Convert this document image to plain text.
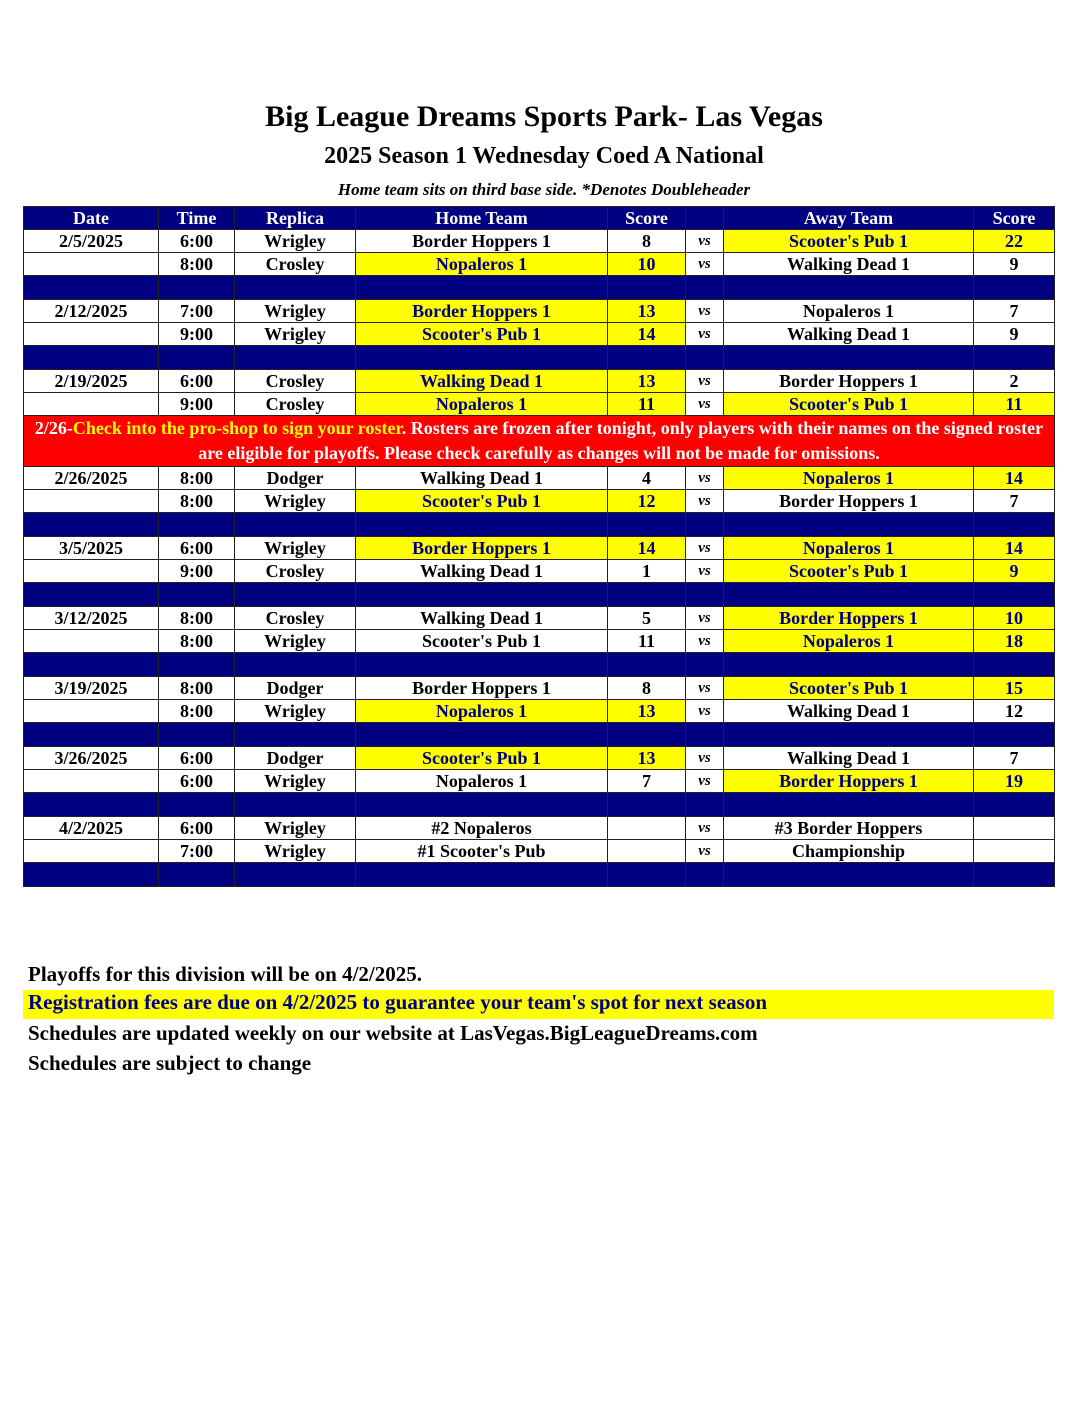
Big League Dreams Sports Park- Las Vegas
2025 Season 1 Wednesday Coed A National
Home team sits on third base side. *Denotes Doubleheader
Date	Time	Replica	Home Team	Score		Away Team	Score
2/5/2025	6:00	Wrigley	Border Hoppers 1	8	vs	Scooter's Pub 1	22
	8:00	Crosley	Nopaleros 1	10	vs	Walking Dead 1	9

2/12/2025	7:00	Wrigley	Border Hoppers 1	13	vs	Nopaleros 1	7
	9:00	Wrigley	Scooter's Pub 1	14	vs	Walking Dead 1	9

2/19/2025	6:00	Crosley	Walking Dead 1	13	vs	Border Hoppers 1	2
	9:00	Crosley	Nopaleros 1	11	vs	Scooter's Pub 1	11
2/26-Check into the pro-shop to sign your roster. Rosters are frozen after tonight, only players with their names on the signed roster are eligible for playoffs. Please check carefully as changes will not be made for omissions.							
2/26/2025	8:00	Dodger	Walking Dead 1	4	vs	Nopaleros 1	14
	8:00	Wrigley	Scooter's Pub 1	12	vs	Border Hoppers 1	7

3/5/2025	6:00	Wrigley	Border Hoppers 1	14	vs	Nopaleros 1	14
	9:00	Crosley	Walking Dead 1	1	vs	Scooter's Pub 1	9

3/12/2025	8:00	Crosley	Walking Dead 1	5	vs	Border Hoppers 1	10
	8:00	Wrigley	Scooter's Pub 1	11	vs	Nopaleros 1	18

3/19/2025	8:00	Dodger	Border Hoppers 1	8	vs	Scooter's Pub 1	15
	8:00	Wrigley	Nopaleros 1	13	vs	Walking Dead 1	12

3/26/2025	6:00	Dodger	Scooter's Pub 1	13	vs	Walking Dead 1	7
	6:00	Wrigley	Nopaleros 1	7	vs	Border Hoppers 1	19

4/2/2025	6:00	Wrigley	#2 Nopaleros		vs	#3 Border Hoppers	
	7:00	Wrigley	#1 Scooter's Pub		vs	Championship	

Playoffs for this division will be on 4/2/2025.
Registration fees are due on 4/2/2025 to guarantee your team's spot for next season
Schedules are updated weekly on our website at LasVegas.BigLeagueDreams.com
Schedules are subject to change
